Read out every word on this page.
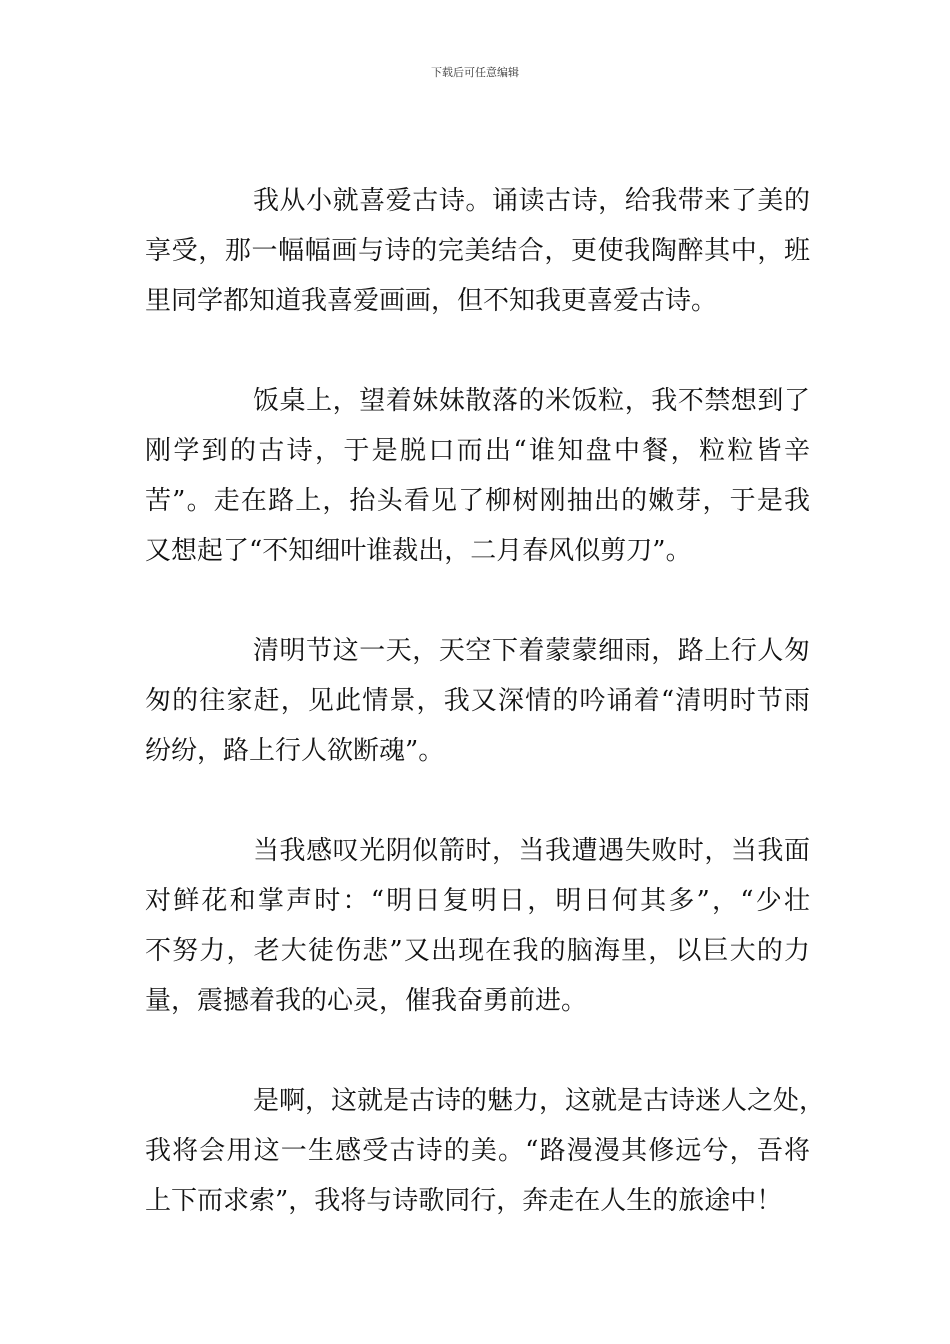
下载后可任意编辑
我从小就喜爱古诗。诵读古诗，给我带来了美的
享受，那一幅幅画与诗的完美结合，更使我陶醉其中，班
里同学都知道我喜爱画画，但不知我更喜爱古诗。
饭桌上，望着妹妹散落的米饭粒，我不禁想到了
刚学到的古诗，于是脱口而出“谁知盘中餐，粒粒皆辛
苦”。走在路上，抬头看见了柳树刚抽出的嫩芽，于是我
又想起了“不知细叶谁裁出，二月春风似剪刀”。
清明节这一天，天空下着蒙蒙细雨，路上行人匆
匆的往家赶，见此情景，我又深情的吟诵着“清明时节雨
纷纷，路上行人欲断魂”。
当我感叹光阴似箭时，当我遭遇失败时，当我面
对鲜花和掌声时：“明日复明日，明日何其多”，“少壮
不努力，老大徒伤悲”又出现在我的脑海里，以巨大的力
量，震撼着我的心灵，催我奋勇前进。
是啊，这就是古诗的魅力，这就是古诗迷人之处，
我将会用这一生感受古诗的美。“路漫漫其修远兮，吾将
上下而求索”，我将与诗歌同行，奔走在人生的旅途中！
